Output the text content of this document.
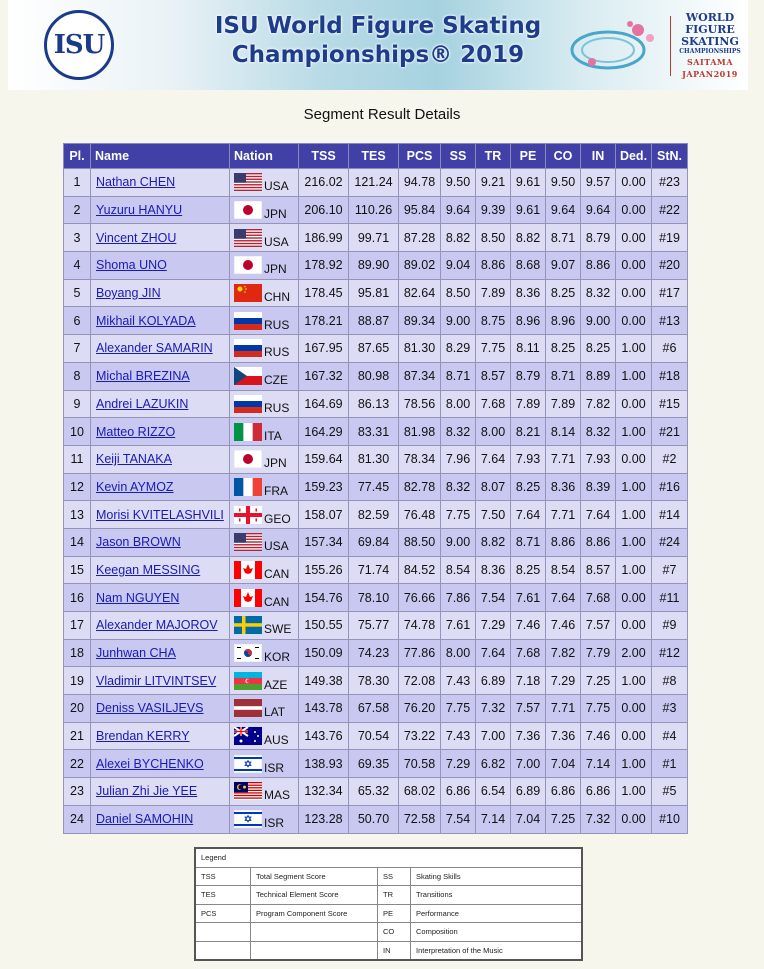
ISU
ISU World Figure Skating
Championships® 2019
WORLD
FIGURE
SKATING
CHAMPIONSHIPS
SAITAMA
JAPAN2019
Segment Result Details
Pl.	Name	Nation	TSS	TES	PCS	SS	TR	PE	CO	IN	Ded.	StN.
1	Nathan CHEN	USA	216.02	121.24	94.78	9.50	9.21	9.61	9.50	9.57	0.00	#23
2	Yuzuru HANYU	JPN	206.10	110.26	95.84	9.64	9.39	9.61	9.64	9.64	0.00	#22
3	Vincent ZHOU	USA	186.99	99.71	87.28	8.82	8.50	8.82	8.71	8.79	0.00	#19
4	Shoma UNO	JPN	178.92	89.90	89.02	9.04	8.86	8.68	9.07	8.86	0.00	#20
5	Boyang JIN	CHN	178.45	95.81	82.64	8.50	7.89	8.36	8.25	8.32	0.00	#17
6	Mikhail KOLYADA	RUS	178.21	88.87	89.34	9.00	8.75	8.96	8.96	9.00	0.00	#13
7	Alexander SAMARIN	RUS	167.95	87.65	81.30	8.29	7.75	8.11	8.25	8.25	1.00	#6
8	Michal BREZINA	CZE	167.32	80.98	87.34	8.71	8.57	8.79	8.71	8.89	1.00	#18
9	Andrei LAZUKIN	RUS	164.69	86.13	78.56	8.00	7.68	7.89	7.89	7.82	0.00	#15
10	Matteo RIZZO	ITA	164.29	83.31	81.98	8.32	8.00	8.21	8.14	8.32	1.00	#21
11	Keiji TANAKA	JPN	159.64	81.30	78.34	7.96	7.64	7.93	7.71	7.93	0.00	#2
12	Kevin AYMOZ	FRA	159.23	77.45	82.78	8.32	8.07	8.25	8.36	8.39	1.00	#16
13	Morisi KVITELASHVILI	GEO	158.07	82.59	76.48	7.75	7.50	7.64	7.71	7.64	1.00	#14
14	Jason BROWN	USA	157.34	69.84	88.50	9.00	8.82	8.71	8.86	8.86	1.00	#24
15	Keegan MESSING	CAN	155.26	71.74	84.52	8.54	8.36	8.25	8.54	8.57	1.00	#7
16	Nam NGUYEN	CAN	154.76	78.10	76.66	7.86	7.54	7.61	7.64	7.68	0.00	#11
17	Alexander MAJOROV	SWE	150.55	75.77	74.78	7.61	7.29	7.46	7.46	7.57	0.00	#9
18	Junhwan CHA	KOR	150.09	74.23	77.86	8.00	7.64	7.68	7.82	7.79	2.00	#12
19	Vladimir LITVINTSEV	AZE	149.38	78.30	72.08	7.43	6.89	7.18	7.29	7.25	1.00	#8
20	Deniss VASILJEVS	LAT	143.78	67.58	76.20	7.75	7.32	7.57	7.71	7.75	0.00	#3
21	Brendan KERRY	AUS	143.76	70.54	73.22	7.43	7.00	7.36	7.36	7.46	0.00	#4
22	Alexei BYCHENKO	ISR	138.93	69.35	70.58	7.29	6.82	7.00	7.04	7.14	1.00	#1
23	Julian Zhi Jie YEE	MAS	132.34	65.32	68.02	6.86	6.54	6.89	6.86	6.86	1.00	#5
24	Daniel SAMOHIN	ISR	123.28	50.70	72.58	7.54	7.14	7.04	7.25	7.32	0.00	#10
Legend			
TSS	Total Segment Score	SS	Skating Skills
TES	Technical Element Score	TR	Transitions
PCS	Program Component Score	PE	Performance
		CO	Composition
		IN	Interpretation of the Music
